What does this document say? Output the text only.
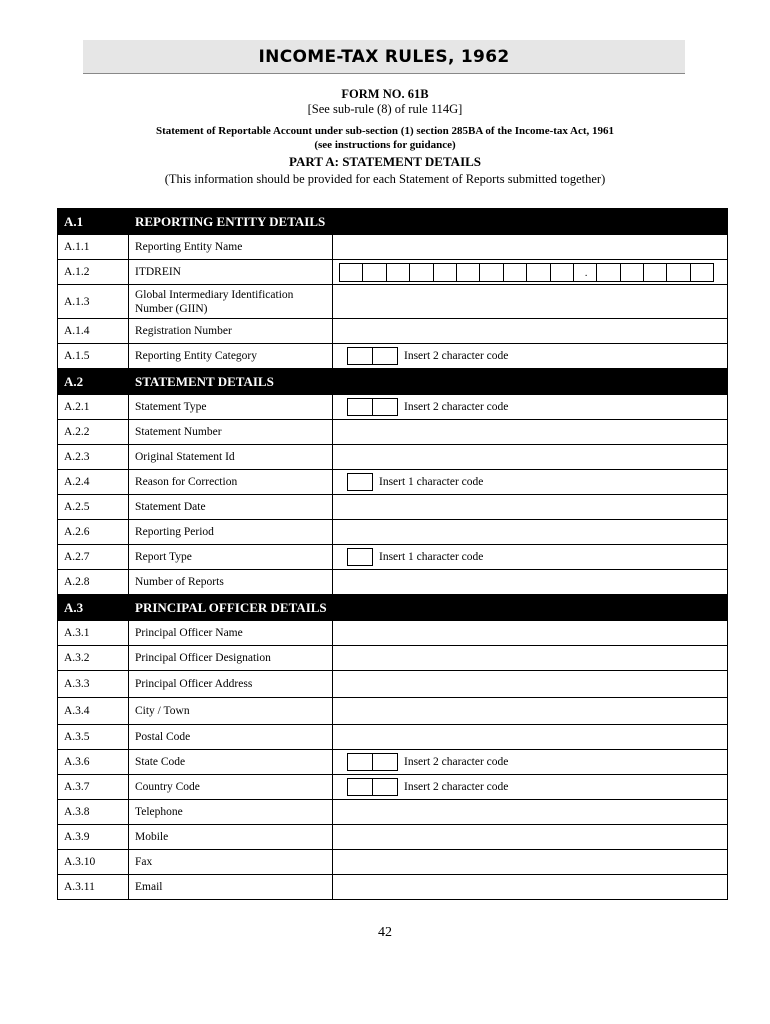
INCOME-TAX RULES, 1962
FORM NO. 61B
[See sub-rule (8) of rule 114G]
Statement of Reportable Account under sub-section (1) section 285BA of the Income-tax Act, 1961
(see instructions for guidance)
PART A: STATEMENT DETAILS
(This information should be provided for each Statement of Reports submitted together)
A.1	REPORTING ENTITY DETAILS	
A.1.1	Reporting Entity Name	
A.1.2	ITDREIN	.

A.1.3	Global Intermediary Identification Number (GIIN)	
A.1.4	Registration Number	
A.1.5	Reporting Entity Category	Insert 2 character code

A.2	STATEMENT DETAILS	
A.2.1	Statement Type	Insert 2 character code

A.2.2	Statement Number	
A.2.3	Original Statement Id	
A.2.4	Reason for Correction	Insert 1 character code

A.2.5	Statement Date	
A.2.6	Reporting Period	
A.2.7	Report Type	Insert 1 character code

A.2.8	Number of Reports	
A.3	PRINCIPAL OFFICER DETAILS	
A.3.1	Principal Officer Name	
A.3.2	Principal Officer Designation	
A.3.3	Principal Officer Address	
A.3.4	City / Town	
A.3.5	Postal Code	
A.3.6	State Code	Insert 2 character code

A.3.7	Country Code	Insert 2 character code

A.3.8	Telephone	
A.3.9	Mobile	
A.3.10	Fax	
A.3.11	Email	
42
